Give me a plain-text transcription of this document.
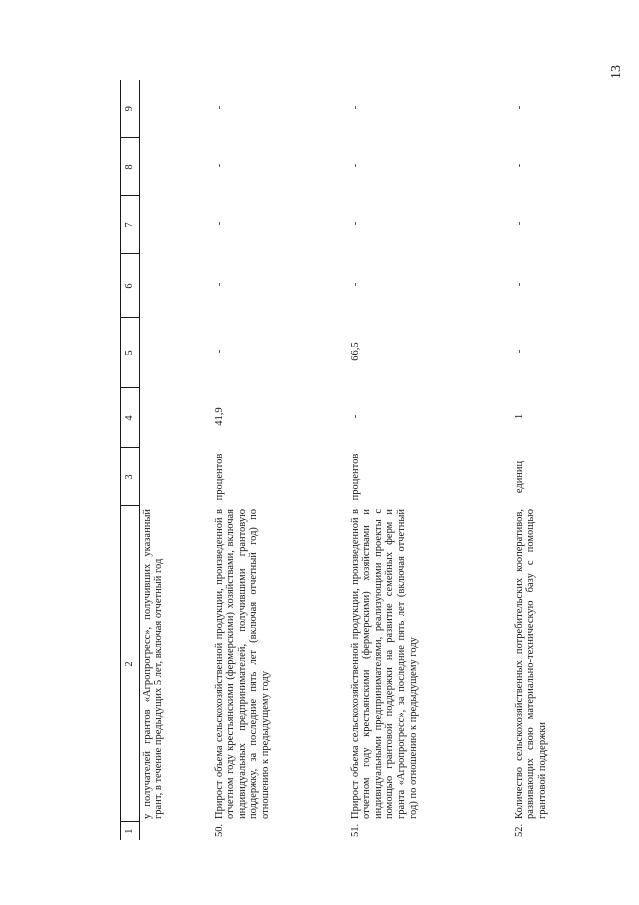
13
1	2	3	4	5	6	7	8	9
	у получателей грантов «Агропрогресс», получивших указанный грант, в течение предыдущих 5 лет, включая отчетный год							
50.	Прирост объема сельскохозяйственной продукции, произведенной в отчетном году крестьянскими (фермерскими) хозяйствами, включая индивидуальных предпринимателей, получившими грантовую поддержку, за последние пять лет (включая отчетный год) по отношению к предыдущему году	процентов	41,9	-	-	-	-	-
51.	Прирост объема сельскохозяйственной продукции, произведенной в отчетном году крестьянскими (фермерскими) хозяйствами и индивидуальными предпринимателями, реализующими проекты с помощью грантовой поддержки на развитие семейных ферм и гранта «Агропрогресс», за последние пять лет (включая отчетный год) по отношению к предыдущему году	процентов	-	66,5	-	-	-	-
52.	Количество сельскохозяйственных потребительских кооперативов, развивающих свою материально-техническую базу с помощью грантовой поддержки	единиц	1	-	-	-	-	-
